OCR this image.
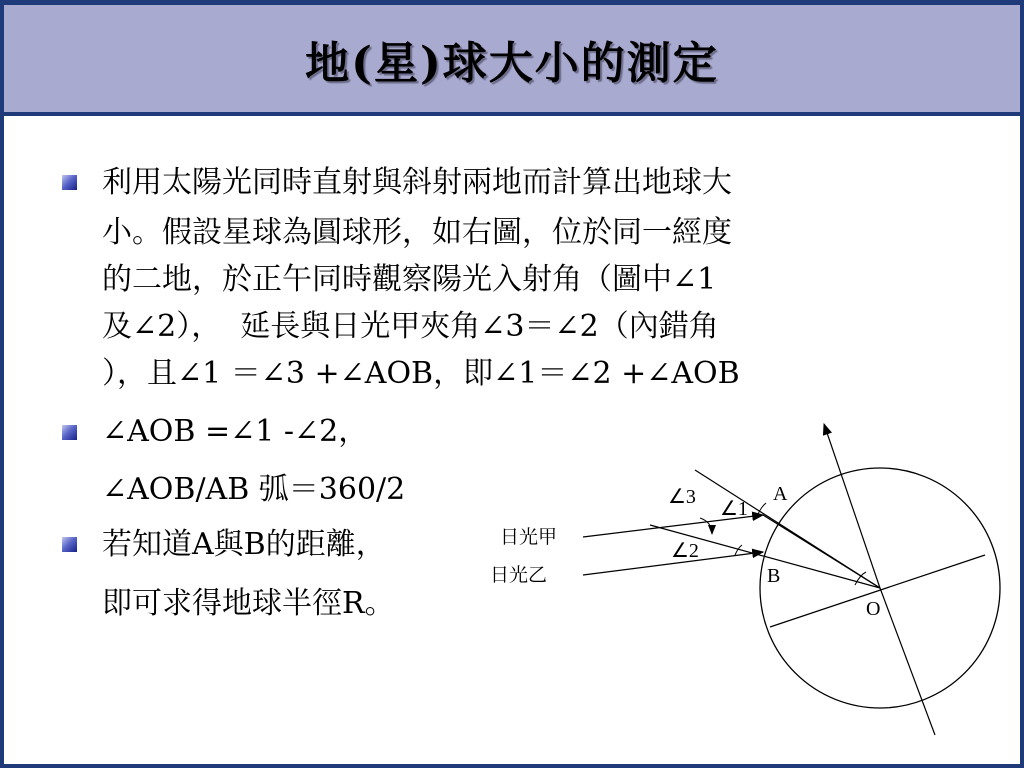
地(星)球大小的測定
利用太陽光同時直射與斜射兩地而計算出地球大
小。假設星球為圓球形，如右圖，位於同一經度
的二地，於正午同時觀察陽光入射角（圖中∠1
及∠2），  延長與日光甲夾角∠3＝∠2（內錯角
），且∠1 ＝∠3 +∠AOB，即∠1＝∠2 +∠AOB
∠AOB =∠1 -∠2，
∠AOB/AB 弧＝360/2
若知道A與B的距離，
即可求得地球半徑R。
日光甲
日光乙
∠3
∠1
∠2
A
B
O
